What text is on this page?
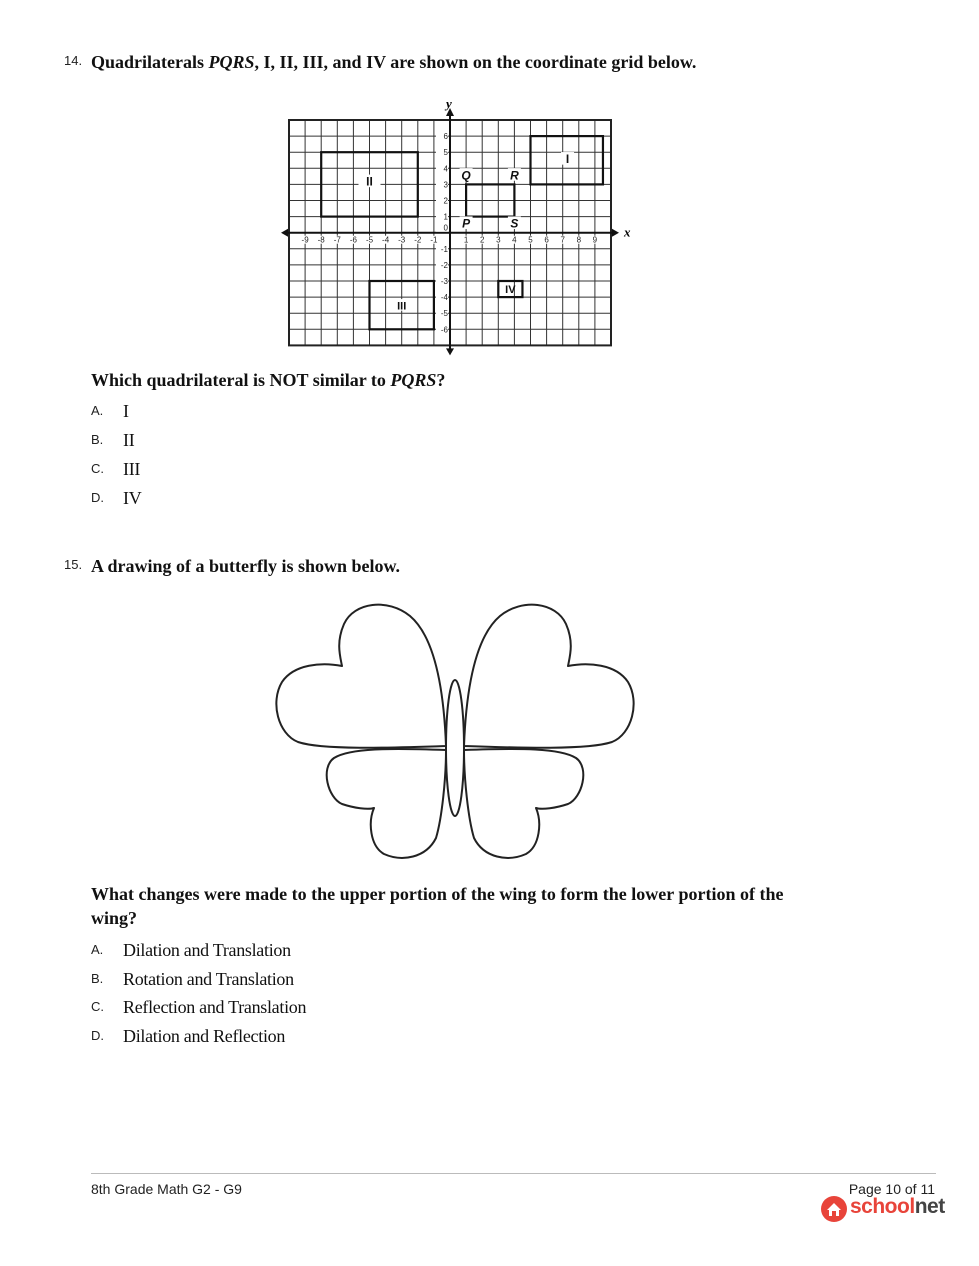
14. Quadrilaterals PQRS, I, II, III, and IV are shown on the coordinate grid below.
x
y
-9 -8 -7 -6 -5 -4 -3 -2 -1	1 2 3 4 5 6 7 8 9
6
5
4
3
2
1
-1
-2
-3
-4
-5
-6
0
I
II
III
IV
Q	R
P	S
Which quadrilateral is NOT similar to PQRS?
A. I
B. II
C. III
D. IV
15. A drawing of a butterfly is shown below.
What changes were made to the upper portion of the wing to form the lower portion of the wing?
A. Dilation and Translation
B. Rotation and Translation
C. Reflection and Translation
D. Dilation and Reflection
8th Grade Math G2 - G9	Page 10 of 11
schoolnet
